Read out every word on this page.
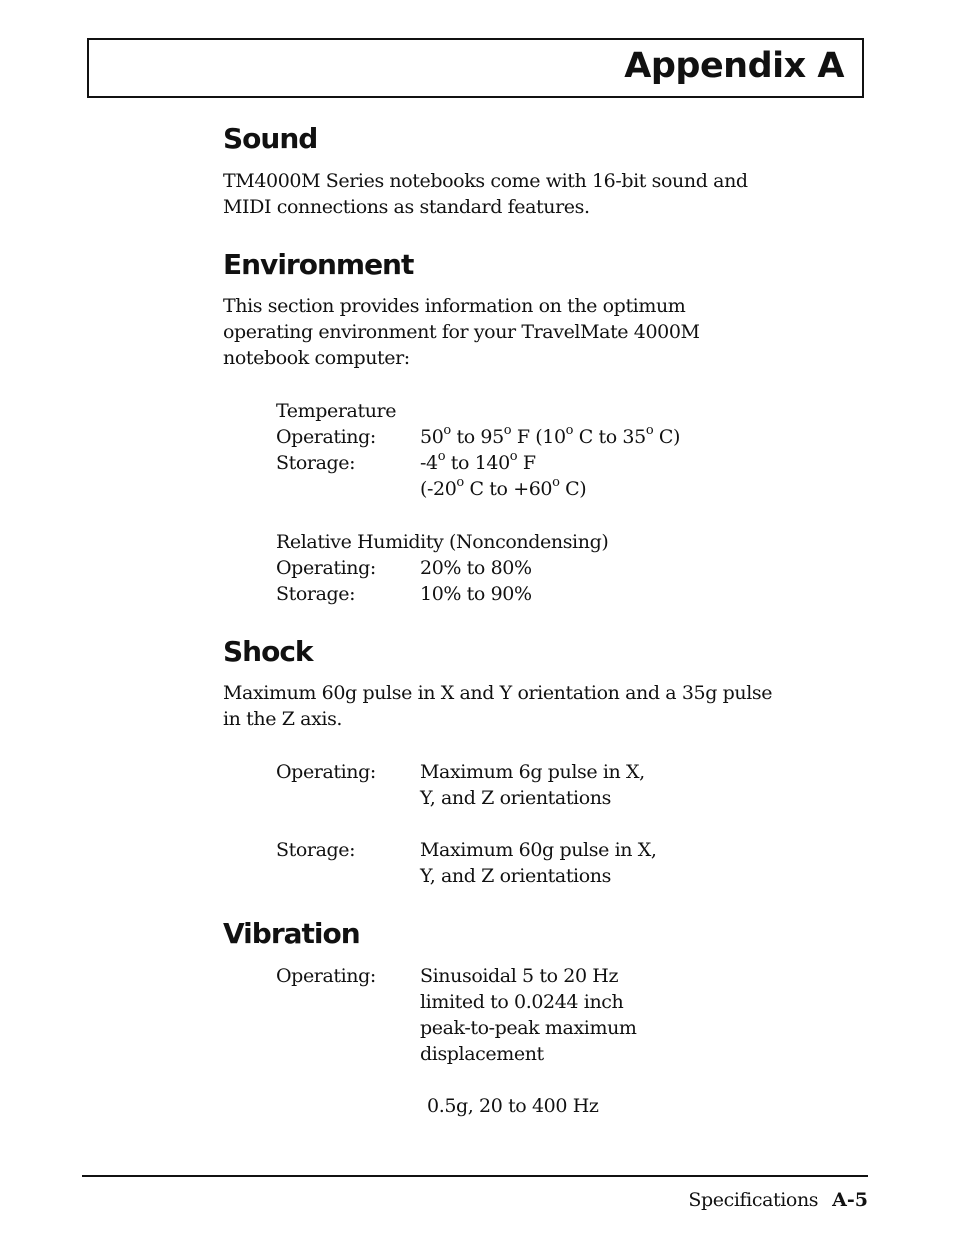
Appendix A
Sound
TM4000M Series notebooks come with 16-bit sound and
MIDI connections as standard features.
Environment
This section provides information on the optimum
operating environment for your TravelMate 4000M
notebook computer:
Temperature
Operating: 50$^o$ to 95$^o$ F (10$^o$ C to 35$^o$ C)
Storage:	-4$^o$ to 140$^o$ F
(-20$^o$ C to $+60^o$ C)
Relative Humidity (Noncondensing)
Operating: 20% to 80%
Storage:	10% to 90%
Shock
Maximum 60g pulse in X and Y orientation and a 35g pulse
in the Z axis.
Operating: Maximum 6g pulse in X,
Y, and Z orientations
Storage:	Maximum 60g pulse in X,
Y, and Z orientations
Vibration
Operating: Sinusoidal 5 to 20 Hz
limited to 0.0244 inch
peak-to-peak maximum
displacement
0.5g, 20 to 400 Hz
Specifications A-5
